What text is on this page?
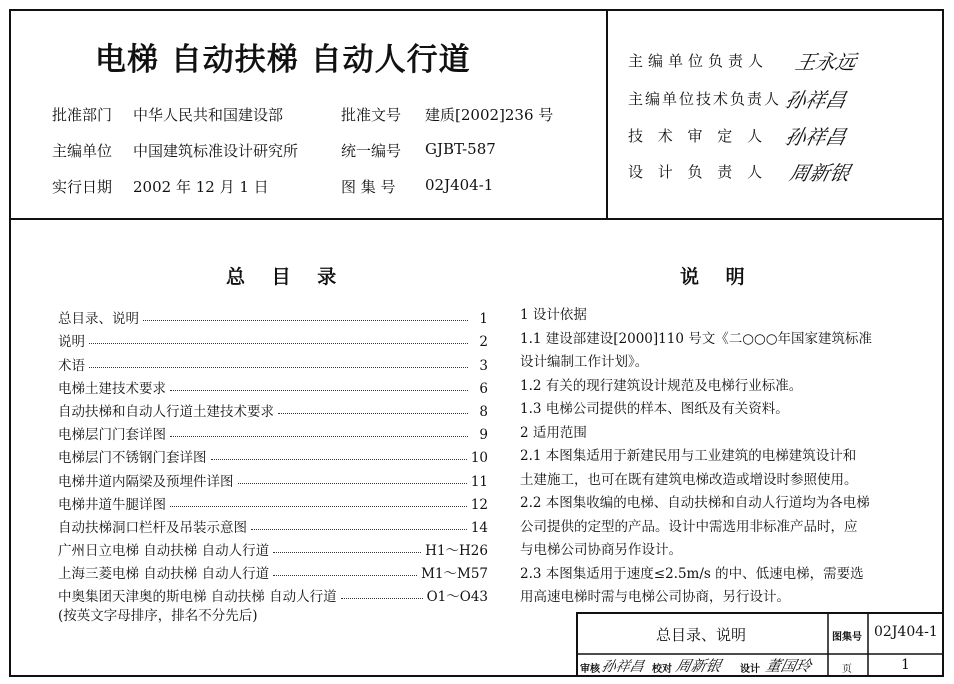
电梯 自动扶梯 自动人行道
批准部门 中华人民共和国建设部	批准文号 建质[2002]236 号
主编单位 中国建筑标准设计研究所	统一编号 GJBT-587
实行日期 2002 年 12 月 1 日	图 集 号 02J404-1
主编单位负责人 王永远
主编单位技术负责人 孙祥昌
技 术 审 定 人 孙祥昌
设 计 负 责 人 周新银
总 目 录	说 明
总目录、说明	1
说明	2
术语	3
电梯土建技术要求	6
自动扶梯和自动人行道土建技术要求	8
电梯层门门套详图	9
电梯层门不锈钢门套详图	10
电梯井道内隔梁及预埋件详图	11
电梯井道牛腿详图	12
自动扶梯洞口栏杆及吊装示意图	14
广州日立电梯 自动扶梯 自动人行道	H1～H26
上海三菱电梯 自动扶梯 自动人行道	M1～M57
中奥集团天津奥的斯电梯 自动扶梯 自动人行道	O1～O43
(按英文字母排序，排名不分先后)
1 设计依据
1.1 建设部建设[2000]110 号文《二○○○年国家建筑标准
设计编制工作计划》。
1.2 有关的现行建筑设计规范及电梯行业标准。
1.3 电梯公司提供的样本、图纸及有关资料。
2 适用范围
2.1 本图集适用于新建民用与工业建筑的电梯建筑设计和
土建施工，也可在既有建筑电梯改造或增设时参照使用。
2.2 本图集收编的电梯、自动扶梯和自动人行道均为各电梯
公司提供的定型的产品。设计中需选用非标准产品时，应
与电梯公司协商另作设计。
2.3 本图集适用于速度≤2.5m/s 的中、低速电梯，需要选
用高速电梯时需与电梯公司协商，另行设计。
总目录、说明	图集号 02J404-1
审核 孙祥昌 校对 周新银 设计 董国玲	页	1
